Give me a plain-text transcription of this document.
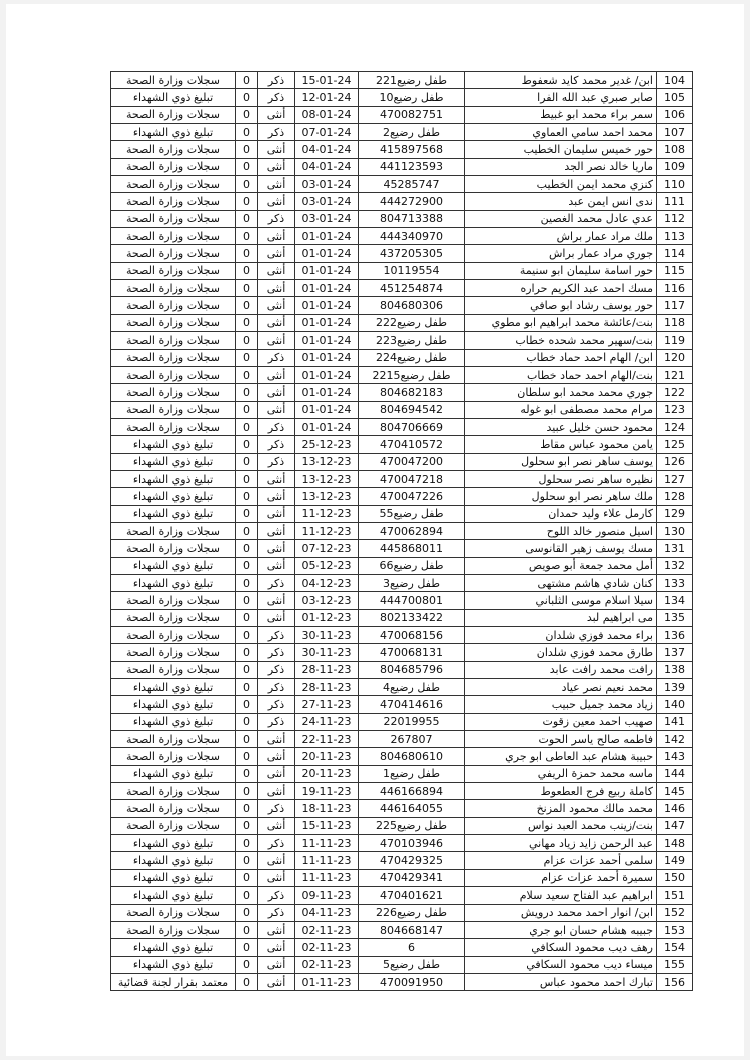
سجلات وزارة الصحة	0	ذكر	15-01-24	طفل رضيع221	ابن/ غدير محمد كايد شعفوط	104
تبليغ ذوي الشهداء	0	ذكر	12-01-24	طفل رضيع10	صابر صبري عبد الله الفرا	105
سجلات وزارة الصحة	0	أنثى	08-01-24	470082751	سمر براء محمد ابو غبيط	106
تبليغ ذوي الشهداء	0	ذكر	07-01-24	طفل رضيع2	محمد احمد سامي العماوي	107
سجلات وزارة الصحة	0	أنثى	04-01-24	415897568	حور خميس سليمان الخطيب	108
سجلات وزارة الصحة	0	أنثى	04-01-24	441123593	ماريا خالد نصر الجد	109
سجلات وزارة الصحة	0	أنثى	03-01-24	45285747	كنزي محمد ايمن الخطيب	110
سجلات وزارة الصحة	0	أنثى	03-01-24	444272900	ندى انس ايمن عبد	111
سجلات وزارة الصحة	0	ذكر	03-01-24	804713388	عدي عادل محمد الغصين	112
سجلات وزارة الصحة	0	أنثى	01-01-24	444340970	ملك مراد عمار براش	113
سجلات وزارة الصحة	0	أنثى	01-01-24	437205305	جوري مراد عمار براش	114
سجلات وزارة الصحة	0	أنثى	01-01-24	10119554	حور اسامة سليمان ابو سنيمة	115
سجلات وزارة الصحة	0	أنثى	01-01-24	451254874	مسك احمد عبد الكريم حراره	116
سجلات وزارة الصحة	0	أنثى	01-01-24	804680306	حور يوسف رشاد ابو صافي	117
سجلات وزارة الصحة	0	أنثى	01-01-24	طفل رضيع222	بنت/عائشة محمد ابراهيم ابو مطوي	118
سجلات وزارة الصحة	0	أنثى	01-01-24	طفل رضيع223	بنت/سهير محمد شحده خطاب	119
سجلات وزارة الصحة	0	ذكر	01-01-24	طفل رضيع224	ابن/ الهام احمد حماد خطاب	120
سجلات وزارة الصحة	0	أنثى	01-01-24	طفل رضيع2215	بنت/الهام احمد حماد خطاب	121
سجلات وزارة الصحة	0	أنثى	01-01-24	804682183	جوري محمد محمد ابو سلطان	122
سجلات وزارة الصحة	0	أنثى	01-01-24	804694542	مرام محمد مصطفى ابو غوله	123
سجلات وزارة الصحة	0	ذكر	01-01-24	804706669	محمود حسن خليل عبيد	124
تبليغ ذوي الشهداء	0	ذكر	25-12-23	470410572	يامن محمود عباس مقاط	125
تبليغ ذوي الشهداء	0	ذكر	13-12-23	470047200	يوسف ساهر نصر ابو سحلول	126
تبليغ ذوي الشهداء	0	أنثى	13-12-23	470047218	نظيره ساهر نصر سحلول	127
تبليغ ذوي الشهداء	0	أنثى	13-12-23	470047226	ملك ساهر نصر ابو سحلول	128
تبليغ ذوي الشهداء	0	أنثى	11-12-23	طفل رضيع55	كارمل علاء وليد حمدان	129
سجلات وزارة الصحة	0	أنثى	11-12-23	470062894	اسيل منصور خالد اللوح	130
سجلات وزارة الصحة	0	أنثى	07-12-23	445868011	مسك يوسف زهير القانوسى	131
تبليغ ذوي الشهداء	0	أنثى	05-12-23	طفل رضيع66	أمل محمد جمعة أبو صويص	132
تبليغ ذوي الشهداء	0	ذكر	04-12-23	طفل رضيع3	كنان شادي هاشم مشتهى	133
سجلات وزارة الصحة	0	أنثى	03-12-23	444700801	سيلا اسلام موسى الثلباني	134
سجلات وزارة الصحة	0	أنثى	01-12-23	802133422	مى ابراهيم لبد	135
سجلات وزارة الصحة	0	ذكر	30-11-23	470068156	براء محمد فوزي شلدان	136
سجلات وزارة الصحة	0	ذكر	30-11-23	470068131	طارق محمد فوزي شلدان	137
سجلات وزارة الصحة	0	ذكر	28-11-23	804685796	رافت محمد رافت عابد	138
تبليغ ذوي الشهداء	0	ذكر	28-11-23	طفل رضيع4	محمد نعيم نصر عياد	139
تبليغ ذوي الشهداء	0	ذكر	27-11-23	470414616	زياد محمد جميل حبيب	140
تبليغ ذوي الشهداء	0	ذكر	24-11-23	22019955	صهيب احمد معين زقوت	141
سجلات وزارة الصحة	0	أنثى	22-11-23	267807	فاطمه صالح ياسر الحوت	142
سجلات وزارة الصحة	0	أنثى	20-11-23	804680610	حبيبة هشام عبد العاطى ابو جري	143
تبليغ ذوي الشهداء	0	أنثى	20-11-23	طفل رضيع1	ماسه محمد حمزة الريفي	144
سجلات وزارة الصحة	0	أنثى	19-11-23	446166894	كاملة ربيع فرج العطعوط	145
سجلات وزارة الصحة	0	ذكر	18-11-23	446164055	محمد مالك محمود المزنخ	146
سجلات وزارة الصحة	0	أنثى	15-11-23	طفل رضيع225	بنت/زينب محمد العبد نواس	147
تبليغ ذوي الشهداء	0	ذكر	11-11-23	470103946	عبد الرحمن زايد زياد مهاني	148
تبليغ ذوي الشهداء	0	أنثى	11-11-23	470429325	سلمى أحمد عزات عزام	149
تبليغ ذوي الشهداء	0	أنثى	11-11-23	470429341	سميرة أحمد عزات عزام	150
تبليغ ذوي الشهداء	0	ذكر	09-11-23	470401621	ابراهيم عبد الفتاح سعيد سلام	151
سجلات وزارة الصحة	0	ذكر	04-11-23	طفل رضيع226	ابن/ انوار احمد محمد درويش	152
سجلات وزارة الصحة	0	أنثى	02-11-23	804668147	جبيبه هشام حسان ابو جري	153
تبليغ ذوي الشهداء	0	أنثى	02-11-23	6	رهف ديب محمود السكافي	154
تبليغ ذوي الشهداء	0	أنثى	02-11-23	طفل رضيع5	ميساء ديب محمود السكافي	155
معتمد بقرار لجنة قضائية	0	أنثى	01-11-23	470091950	تبارك احمد محمود عباس	156
